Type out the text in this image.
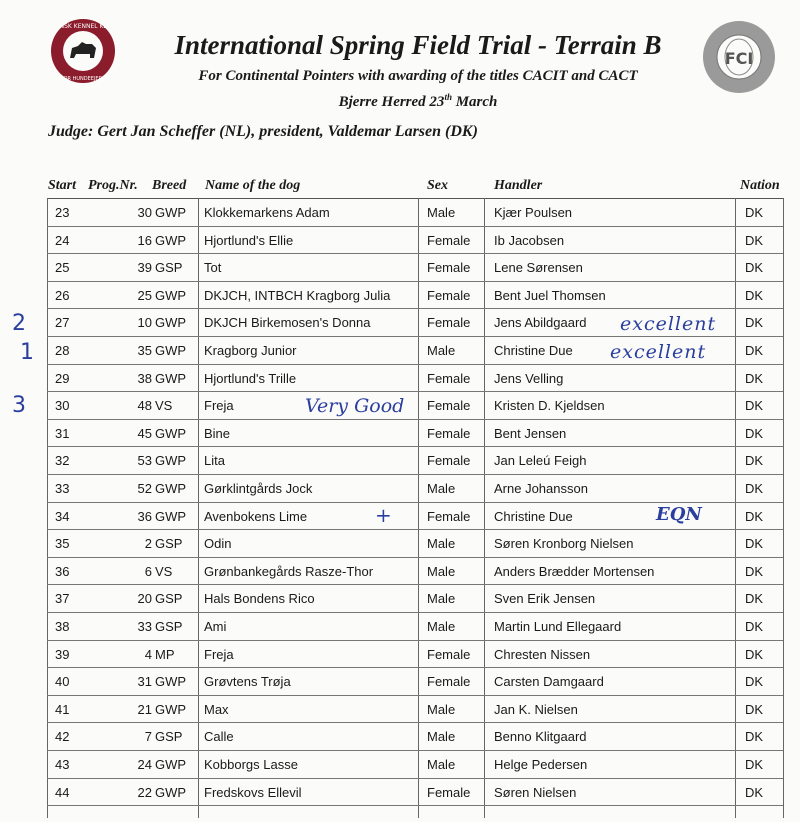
DANSK KENNEL KLUB
FOR HUNDEEJERE
FCI
International Spring Field Trial - Terrain B
For Continental Pointers with awarding of the titles CACIT and CACT
Bjerre Herred 23th March
Judge: Gert Jan Scheffer (NL), president, Valdemar Larsen (DK)
Start Prog.Nr. Breed Name of the dog	Sex	Handler	Nation
23	30 GWP Klokkemarkens Adam	Male	Kjær Poulsen	DK
24	16 GWP Hjortlund's Ellie	Female Ib Jacobsen	DK
25	39 GSP Tot	Female Lene Sørensen	DK
26	25 GWP DKJCH, INTBCH Kragborg Julia	Female Bent Juel Thomsen	DK
27	10 GWP DKJCH Birkemosen's Donna	Female Jens Abildgaard	DK
28	35 GWP Kragborg Junior	Male	Christine Due	DK
29	38 GWP Hjortlund's Trille	Female Jens Velling	DK
30	48 VS Freja	Female Kristen D. Kjeldsen	DK
31	45 GWP Bine	Female Bent Jensen	DK
32	53 GWP Lita	Female Jan Leleú Feigh	DK
33	52 GWP Gørklintgårds Jock	Male	Arne Johansson	DK
34	36 GWP Avenbokens Lime	Female Christine Due	DK
35	2 GSP Odin	Male	Søren Kronborg Nielsen	DK
36	6 VS Grønbankegårds Rasze-Thor	Male	Anders Brædder Mortensen	DK
37	20 GSP Hals Bondens Rico	Male	Sven Erik Jensen	DK
38	33 GSP Ami	Male	Martin Lund Ellegaard	DK
39	4 MP Freja	Female Chresten Nissen	DK
40	31 GWP Grøvtens Trøja	Female Carsten Damgaard	DK
41	21 GWP Max	Male	Jan K. Nielsen	DK
42	7 GSP Calle	Male	Benno Klitgaard	DK
43	24 GWP Kobborgs Lasse	Male	Helge Pedersen	DK
44	22 GWP Fredskovs Ellevil	Female Søren Nielsen	DK
2
1
3
excellent
excellent
Very Good
+	EQN
